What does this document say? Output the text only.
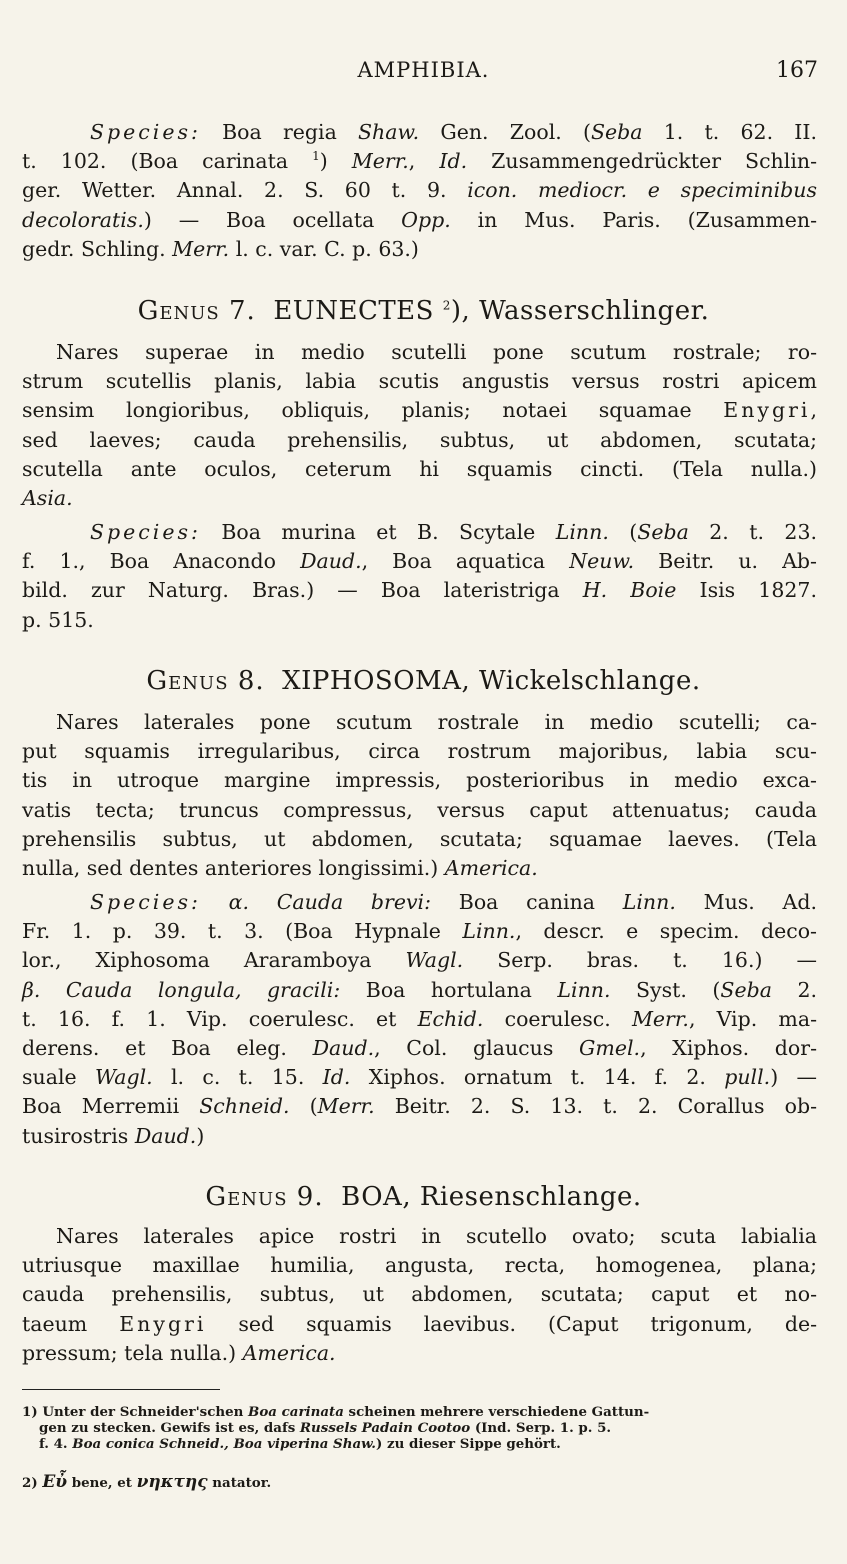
AMPHIBIA.	167
Species: Boa regia Shaw. Gen. Zool. (Seba 1. t. 62. II.
t. 102. (Boa carinata $^1$) Merr., Id. Zusammengedrückter Schlin-
ger. Wetter. Annal. 2. S. 60 t. 9. icon. mediocr. e speciminibus
decoloratis.) — Boa ocellata Opp. in Mus. Paris. (Zusammen-
gedr. Schling. Merr. l. c. var. C. p. 63.)
Genus 7. EUNECTES $^2$), Wasserschlinger.
Nares superae in medio scutelli pone scutum rostrale; ro-
strum scutellis planis, labia scutis angustis versus rostri apicem
sensim longioribus, obliquis, planis; notaei squamae Enygri,
sed laeves; cauda prehensilis, subtus, ut abdomen, scutata;
scutella ante oculos, ceterum hi squamis cincti. (Tela nulla.)
Asia.
Species: Boa murina et B. Scytale Linn. (Seba 2. t. 23.
f. 1., Boa Anacondo Daud., Boa aquatica Neuw. Beitr. u. Ab-
bild. zur Naturg. Bras.) — Boa lateristriga H. Boie Isis 1827.
p. 515.
Genus 8. XIPHOSOMA, Wickelschlange.
Nares laterales pone scutum rostrale in medio scutelli; ca-
put squamis irregularibus, circa rostrum majoribus, labia scu-
tis in utroque margine impressis, posterioribus in medio exca-
vatis tecta; truncus compressus, versus caput attenuatus; cauda
prehensilis subtus, ut abdomen, scutata; squamae laeves. (Tela
nulla, sed dentes anteriores longissimi.) America.
Species: α. Cauda brevi: Boa canina Linn. Mus. Ad.
Fr. 1. p. 39. t. 3. (Boa Hypnale Linn., descr. e specim. deco-
lor., Xiphosoma Araramboya Wagl. Serp. bras. t. 16.) —
β. Cauda longula, gracili: Boa hortulana Linn. Syst. (Seba 2.
t. 16. f. 1. Vip. coerulesc. et Echid. coerulesc. Merr., Vip. ma-
derens. et Boa eleg. Daud., Col. glaucus Gmel., Xiphos. dor-
suale Wagl. l. c. t. 15. Id. Xiphos. ornatum t. 14. f. 2. pull.) —
Boa Merremii Schneid. (Merr. Beitr. 2. S. 13. t. 2. Corallus ob-
tusirostris Daud.)
Genus 9. BOA, Riesenschlange.
Nares laterales apice rostri in scutello ovato; scuta labialia
utriusque maxillae humilia, angusta, recta, homogenea, plana;
cauda prehensilis, subtus, ut abdomen, scutata; caput et no-
taeum Enygri sed squamis laevibus. (Caput trigonum, de-
pressum; tela nulla.) America.
1) Unter der Schneider'schen Boa carinata scheinen mehrere verschiedene Gattun-
gen zu stecken. Gewifs ist es, dafs Russels Padain Cootoo (Ind. Serp. 1. p. 5.
f. 4. Boa conica Schneid., Boa viperina Shaw.) zu dieser Sippe gehört.
2) Εὖ bene, et νηκτης natator.
